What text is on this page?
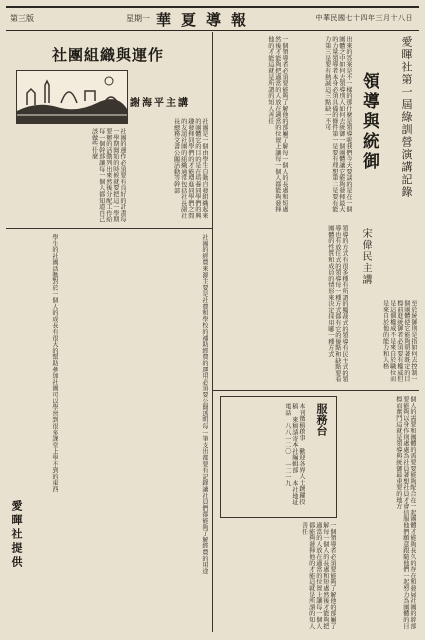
第三版	星期一 華夏導報	中華民國七十四年三月十八日
愛暉社第一屆綠訓營演講記錄
領導與統御
宋偉民主講
出來的答案是不一樣的那什麼是領導呢我們今天要談的是在一個團體之中如何去領導別人如何去統御一個團體讓它能夠發揮最大的力量領導者本身必須具備的條件第一是要有理想第二是要有能力第三是要有熱誠這三點缺一不可
一個領導者必須要能夠了解他的部屬了解每一個人的長處和短處然後才能夠把適當的人放在適當的位置上讓每一個人都能夠發揮他的才能這就是所謂的知人善任
領導的方式有很多種有所謂的獨裁式的領導有民主式的領導也有放任式的領導每一種方式都有它的優點和缺點要看團體的性質和成員的情形來決定採用哪一種方式	至於統御則是指如何去控制一個團體使它能夠朝著既定的目標前進統御者必須要有權威但是這個權威不是來自於職位而是來自於他的能力和人格
個人的需要和團體的需要要能夠配合在一起團體才能夠長久的存在和發展社團的幹部要能夠以身作則處處為社員著想社員才會信服他們願意跟隨他們一起努力為團體的目標而奮鬥這就是領導與統御最重要的地方
服務台
本刊徵稿啟事 歡迎各界人士踴躍投稿 來稿請寄本社編輯部 本社地址 電話 八八一二〇 一二一九
一個領導者必須要能夠了解他的部屬了解每一個人的長處和短處然後才能夠把適當的人放在適當的位置上讓每一個人都能夠發揮他的才能這就是所謂的知人善任
社團組織與運作
謝海平主講
社團是一個由學生自動自發組織起來的團體它的目的是在培養同學們的興趣發揮同學們的才能增進同學們之間的友誼社團的組織通常包括社長副社長總務文書公關活動等幹部
社團的運作必須要有良好的計畫每一學期開始的時候就要把這一學期要辦的活動列出來然後分配工作給每一個幹部讓每一個人都知道自己該做些什麼
社團的經費來源主要是社費和學校的補助經費的運用必須要公開透明每一筆支出都要有記錄讓社員們都能夠了解經費的用途
學生的社團活動對於一個人的成長有很大的幫助參加社團可以學習到很多課堂上學不到的東西
愛暉社提供
